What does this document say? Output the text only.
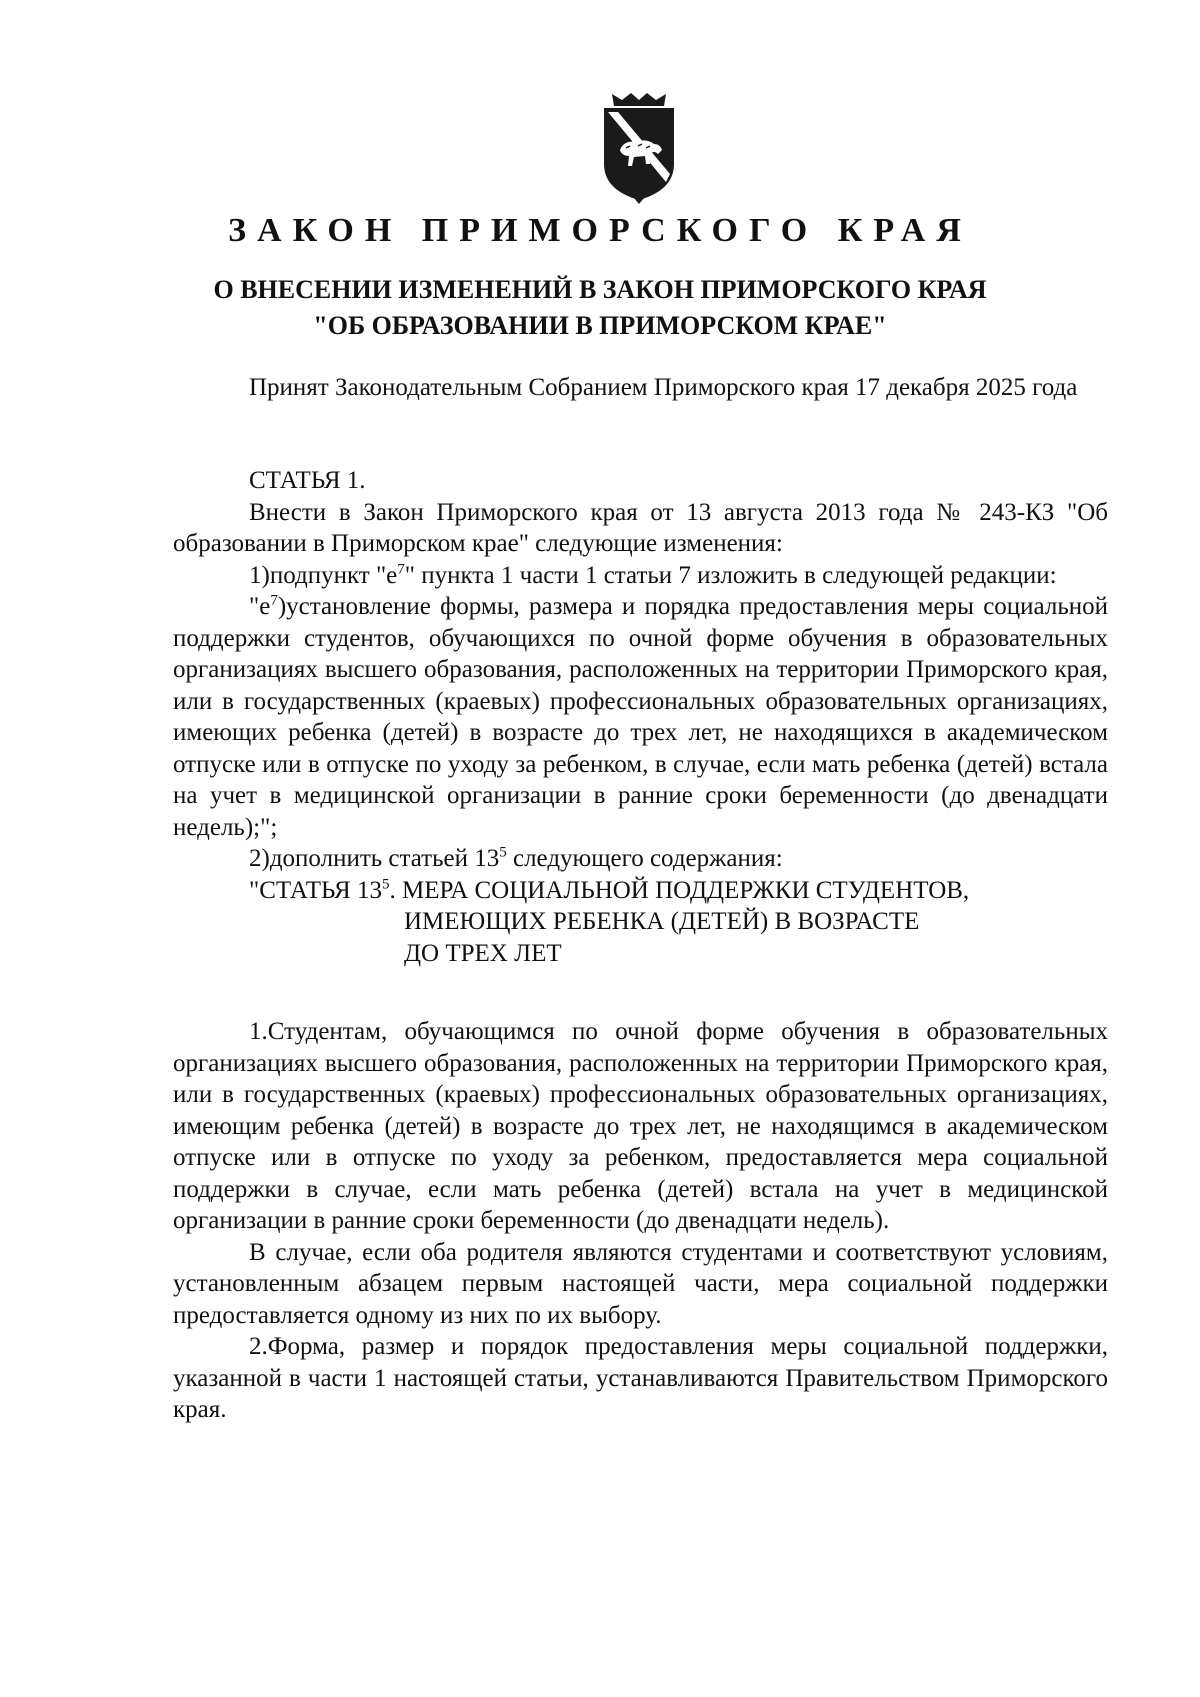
ЗАКОН ПРИМОРСКОГО КРАЯ
О ВНЕСЕНИИ ИЗМЕНЕНИЙ В ЗАКОН ПРИМОРСКОГО КРАЯ
"ОБ ОБРАЗОВАНИИ В ПРИМОРСКОМ КРАЕ"

Принят Законодательным Собранием Приморского края 17 декабря 2025 года

СТАТЬЯ 1.

Внести в Закон Приморского края от 13 августа 2013 года № 243-КЗ "Об образовании в Приморском крае" следующие изменения:

1)подпункт "$е^7$" пункта 1 части 1 статьи 7 изложить в следующей редакции:

"$е^7)установление$ формы, размера и порядка предоставления меры социальной поддержки студентов, обучающихся по очной форме обучения в образовательных организациях высшего образования, расположенных на территории Приморского края, или в государственных (краевых) профессиональных образовательных организациях, имеющих ребенка (детей) в возрасте до трех лет, не находящихся в академическом отпуске или в отпуске по уходу за ребенком, в случае, если мать ребенка (детей) встала на учет в медицинской организации в ранние сроки беременности (до двенадцати недель);";

2)дополнить статьей $13^5$ следующего содержания:

"СТАТЬЯ $13^5$. МЕРА СОЦИАЛЬНОЙ ПОДДЕРЖКИ СТУДЕНТОВ,
ИМЕЮЩИХ РЕБЕНКА (ДЕТЕЙ) В ВОЗРАСТЕ
ДО ТРЕХ ЛЕТ

1.Студентам, обучающимся по очной форме обучения в образовательных организациях высшего образования, расположенных на территории Приморского края, или в государственных (краевых) профессиональных образовательных организациях, имеющим ребенка (детей) в возрасте до трех лет, не находящимся в академическом отпуске или в отпуске по уходу за ребенком, предоставляется мера социальной поддержки в случае, если мать ребенка (детей) встала на учет в медицинской организации в ранние сроки беременности (до двенадцати недель).

В случае, если оба родителя являются студентами и соответствуют условиям, установленным абзацем первым настоящей части, мера социальной поддержки предоставляется одному из них по их выбору.

2.Форма, размер и порядок предоставления меры социальной поддержки, указанной в части 1 настоящей статьи, устанавливаются Правительством Приморского края.
